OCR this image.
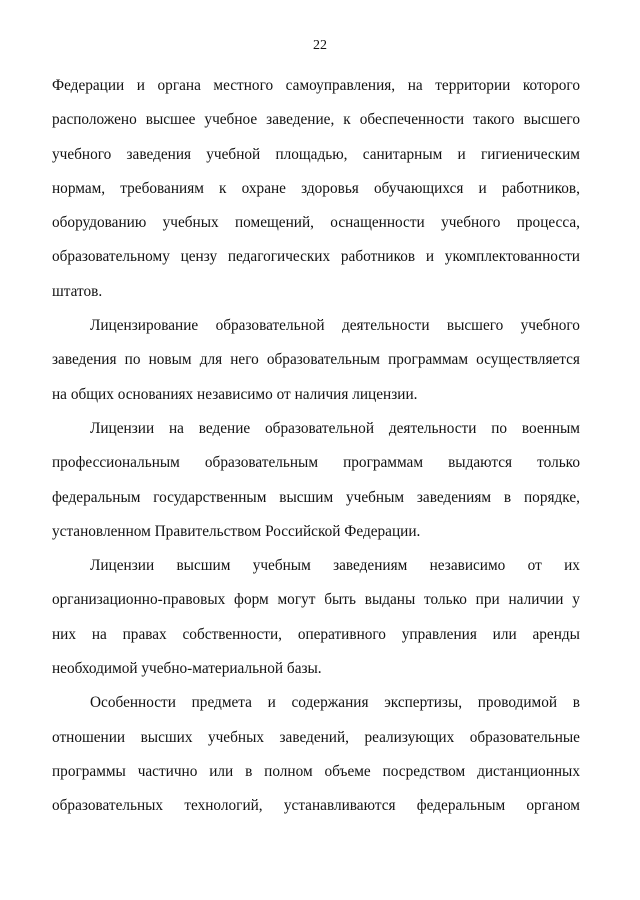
22
Федерации и органа местного самоуправления, на территории которого
расположено высшее учебное заведение, к обеспеченности такого высшего
учебного заведения учебной площадью, санитарным и гигиеническим
нормам, требованиям к охране здоровья обучающихся и работников,
оборудованию учебных помещений, оснащенности учебного процесса,
образовательному цензу педагогических работников и укомплектованности
штатов.
Лицензирование образовательной деятельности высшего учебного
заведения по новым для него образовательным программам осуществляется
на общих основаниях независимо от наличия лицензии.
Лицензии на ведение образовательной деятельности по военным
профессиональным образовательным программам выдаются только
федеральным государственным высшим учебным заведениям в порядке,
установленном Правительством Российской Федерации.
Лицензии высшим учебным заведениям независимо от их
организационно-правовых форм могут быть выданы только при наличии у
них на правах собственности, оперативного управления или аренды
необходимой учебно-материальной базы.
Особенности предмета и содержания экспертизы, проводимой в
отношении высших учебных заведений, реализующих образовательные
программы частично или в полном объеме посредством дистанционных
образовательных технологий, устанавливаются федеральным органом
